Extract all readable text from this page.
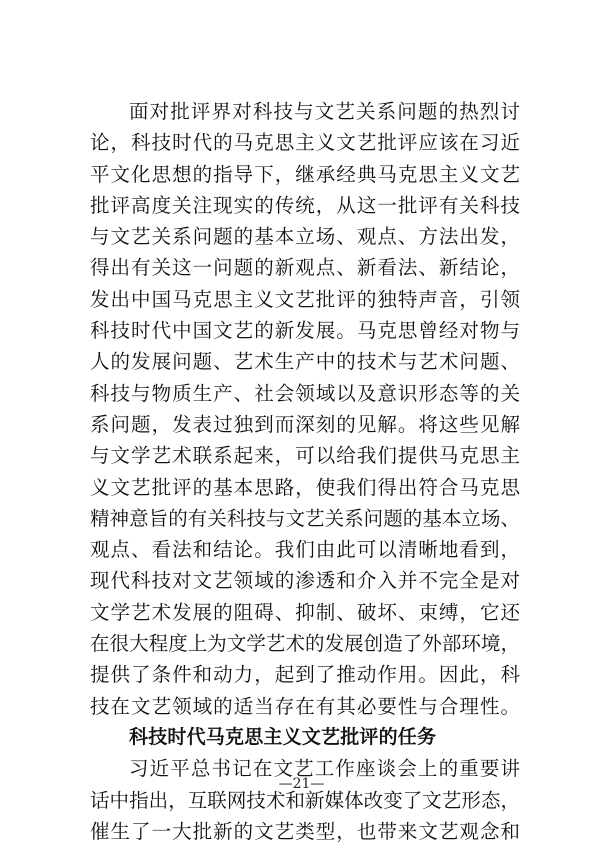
面对批评界对科技与文艺关系问题的热烈讨
论，科技时代的马克思主义文艺批评应该在习近
平文化思想的指导下，继承经典马克思主义文艺
批评高度关注现实的传统，从这一批评有关科技
与文艺关系问题的基本立场、观点、方法出发，
得出有关这一问题的新观点、新看法、新结论，
发出中国马克思主义文艺批评的独特声音，引领
科技时代中国文艺的新发展。马克思曾经对物与
人的发展问题、艺术生产中的技术与艺术问题、
科技与物质生产、社会领域以及意识形态等的关
系问题，发表过独到而深刻的见解。将这些见解
与文学艺术联系起来，可以给我们提供马克思主
义文艺批评的基本思路，使我们得出符合马克思
精神意旨的有关科技与文艺关系问题的基本立场、
观点、看法和结论。我们由此可以清晰地看到，
现代科技对文艺领域的渗透和介入并不完全是对
文学艺术发展的阻碍、抑制、破坏、束缚，它还
在很大程度上为文学艺术的发展创造了外部环境，
提供了条件和动力，起到了推动作用。因此，科
技在文艺领域的适当存在有其必要性与合理性。
科技时代马克思主义文艺批评的任务
习近平总书记在文艺工作座谈会上的重要讲
话中指出，互联网技术和新媒体改变了文艺形态，
催生了一大批新的文艺类型，也带来文艺观念和
—21—
